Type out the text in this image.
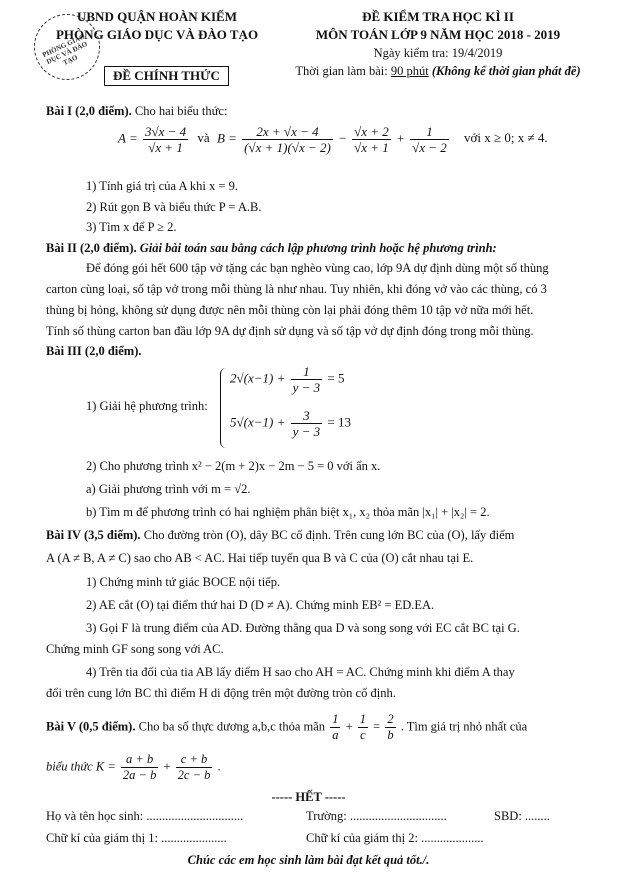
PHÒNG GIÁO DỤC VÀ ĐÀO TẠO
UBND QUẬN HOÀN KIẾM
PHÒNG GIÁO DỤC VÀ ĐÀO TẠO
ĐỀ CHÍNH THỨC
ĐỀ KIỂM TRA HỌC KÌ II
MÔN TOÁN LỚP 9 NĂM HỌC 2018 - 2019
Ngày kiểm tra: 19/4/2019
Thời gian làm bài: 90 phút (Không kể thời gian phát đề)
Bài I (2,0 điểm). Cho hai biểu thức:
$A = \frac{3√x - 4}{√x + 1}$ và $B = \frac{2x + √x - 4}{(√x + 1)(√x - 2)} - \frac{√x + 2}{√x + 1} + \frac{1}{√x - 2}$ với x ≥ 0; x ≠ 4.
1) Tính giá trị của A khi x = 9.
2) Rút gọn B và biểu thức P = A.B.
3) Tìm x để P ≥ 2.
Bài II (2,0 điểm). Giải bài toán sau bằng cách lập phương trình hoặc hệ phương trình:
Để đóng gói hết 600 tập vở tặng các bạn nghèo vùng cao, lớp 9A dự định dùng một số thùng
carton cùng loại, số tập vở trong mỗi thùng là như nhau. Tuy nhiên, khi đóng vở vào các thùng, có 3
thùng bị hỏng, không sử dụng được nên mỗi thùng còn lại phải đóng thêm 10 tập vở nữa mới hết.
Tính số thùng carton ban đầu lớp 9A dự định sử dụng và số tập vở dự định đóng trong mỗi thùng.
Bài III (2,0 điểm).
1) Giải hệ phương trình:
$2√(x-1) + \frac{1}{y - 3} = 5$
$5√(x-1) + \frac{3}{y - 3} = 13$
2) Cho phương trình x² − 2(m + 2)x − 2m − 5 = 0 với ẩn x.
a) Giải phương trình với m = √2.
b) Tìm m để phương trình có hai nghiệm phân biệt x₁, x₂ thỏa mãn |x₁| + |x₂| = 2.
Bài IV (3,5 điểm). Cho đường tròn (O), dây BC cố định. Trên cung lớn BC của (O), lấy điểm
A (A ≠ B, A ≠ C) sao cho AB < AC. Hai tiếp tuyến qua B và C của (O) cắt nhau tại E.
1) Chứng minh tứ giác BOCE nội tiếp.
2) AE cắt (O) tại điểm thứ hai D (D ≠ A). Chứng minh EB² = ED.EA.
3) Gọi F là trung điểm của AD. Đường thẳng qua D và song song với EC cắt BC tại G.
Chứng minh GF song song với AC.
4) Trên tia đối của tia AB lấy điểm H sao cho AH = AC. Chứng minh khi điểm A thay
đổi trên cung lớn BC thì điểm H di động trên một đường tròn cố định.
Bài V (0,5 điểm). Cho ba số thực dương a,b,c thỏa mãn $\frac{1}{a} + \frac{1}{c} = \frac{2}{b}$ . Tìm giá trị nhỏ nhất của
biểu thức $K = \frac{a + b}{2a - b} + \frac{c + b}{2c - b}$ .
----- HẾT -----
Họ và tên học sinh: ...............................	Trường: ...............................	SBD: ........
Chữ kí của giám thị 1: .....................	Chữ kí của giám thị 2: ....................
Chúc các em học sinh làm bài đạt kết quả tốt./.
